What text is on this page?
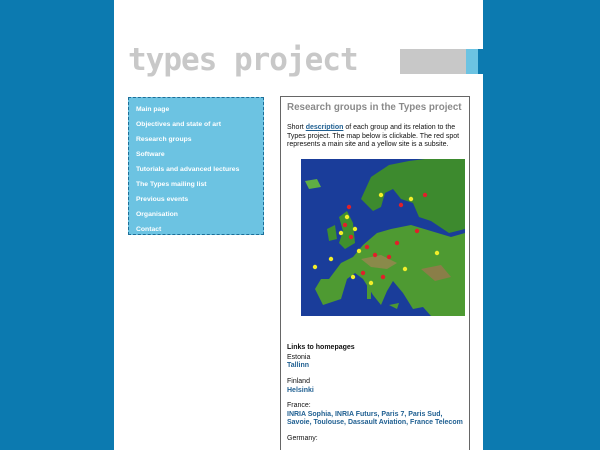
types project
Main page
Objectives and state of art
Research groups
Software
Tutorials and advanced lectures
The Types mailing list
Previous events
Organisation
Contact
Research groups in the Types project

Short description of each group and its relation to the Types project. The map below is clickable. The red spot represents a main site and a yellow site is a subsite.

Links to homepages
Estonia
Tallinn
Finland
Helsinki
France:
INRIA Sophia, INRIA Futurs, Paris 7, Paris Sud, Savoie, Toulouse, Dassault Aviation, France Telecom
Germany:
